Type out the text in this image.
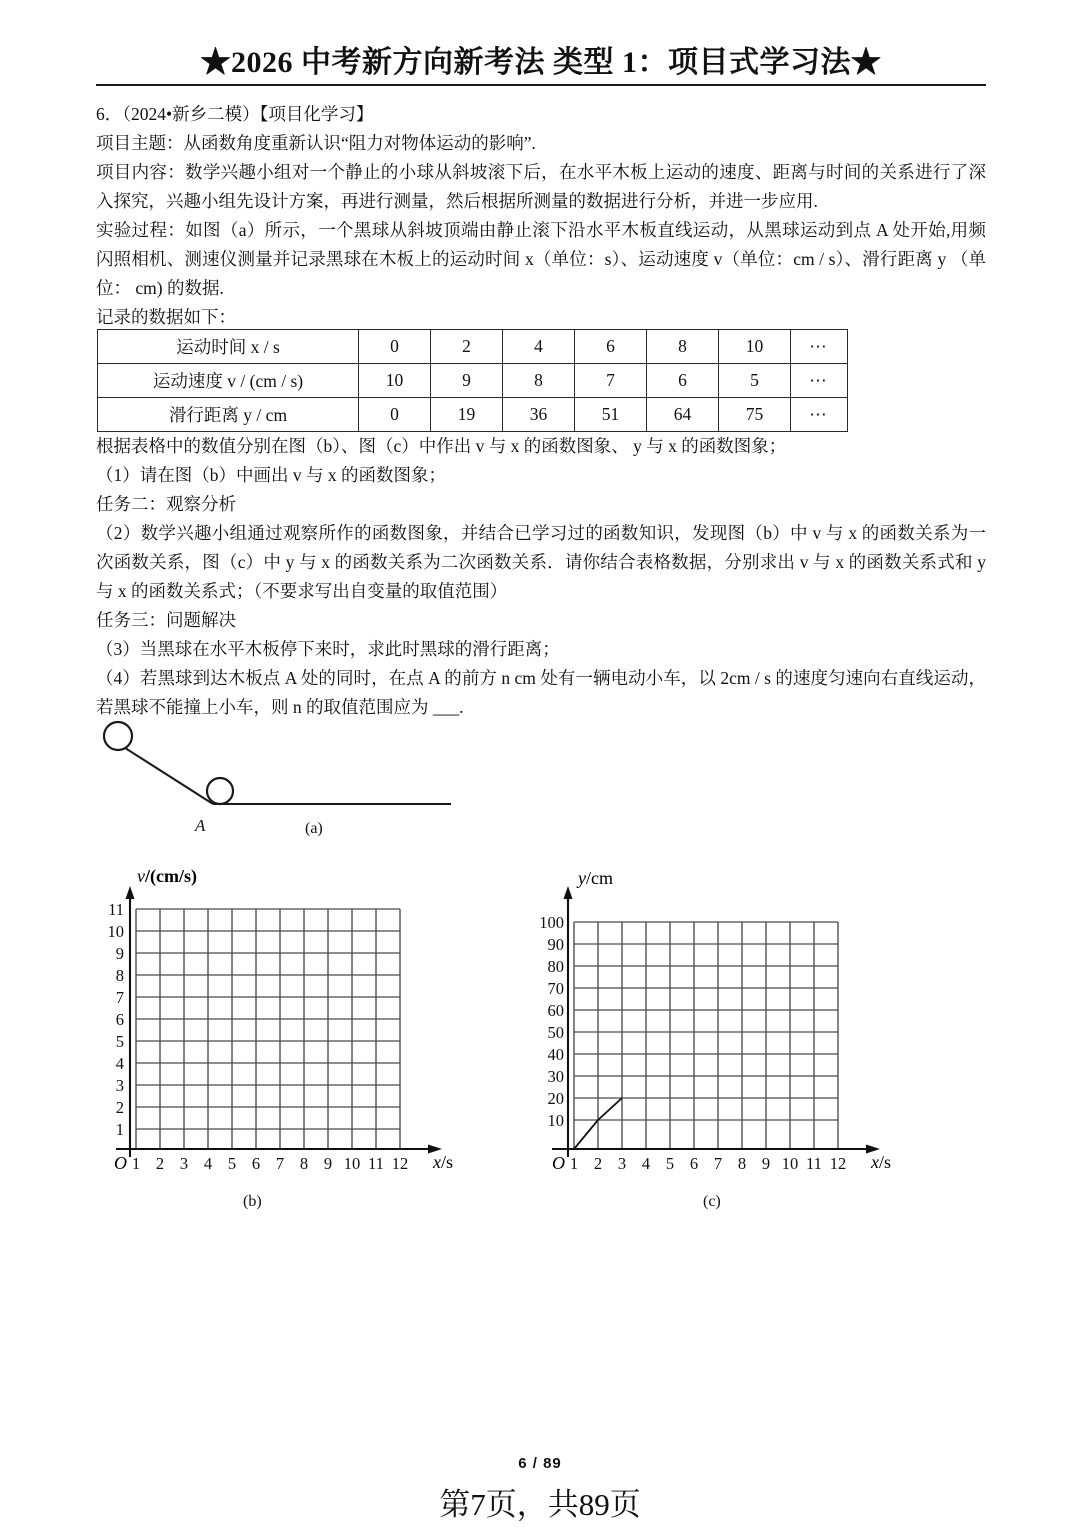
★2026 中考新方向新考法 类型 1：项目式学习法★
6．（2024•新乡二模）【项目化学习】
项目主题：从函数角度重新认识“阻力对物体运动的影响”.
项目内容：数学兴趣小组对一个静止的小球从斜坡滚下后，在水平木板上运动的速度、距离与时间的关系进行了深入探究，兴趣小组先设计方案，再进行测量，然后根据所测量的数据进行分析，并进一步应用.
实验过程：如图（a）所示，一个黑球从斜坡顶端由静止滚下沿水平木板直线运动，从黑球运动到点 A 处开始,用频闪照相机、测速仪测量并记录黑球在木板上的运动时间 x（单位：s）、运动速度 v（单位：cm / s）、滑行距离 y （单位： cm) 的数据.
记录的数据如下：
运动时间 x / s	0	2	4	6	8	10	⋯
运动速度 v / (cm / s)	10	9	8	7	6	5	⋯
滑行距离 y / cm	0	19	36	51	64	75	⋯
根据表格中的数值分别在图（b）、图（c）中作出 v 与 x 的函数图象、 y 与 x 的函数图象；
（1）请在图（b）中画出 v 与 x 的函数图象；
任务二：观察分析
（2）数学兴趣小组通过观察所作的函数图象，并结合已学习过的函数知识，发现图（b）中 v 与 x 的函数关系为一次函数关系，图（c）中 y 与 x 的函数关系为二次函数关系．请你结合表格数据，分别求出 v 与 x 的函数关系式和 y 与 x 的函数关系式；（不要求写出自变量的取值范围）
任务三：问题解决
（3）当黑球在水平木板停下来时，求此时黑球的滑行距离；
（4）若黑球到达木板点 A 处的同时，在点 A 的前方 n cm 处有一辆电动小车，以 2cm / s 的速度匀速向右直线运动，若黑球不能撞上小车，则 n 的取值范围应为 ___.
A	(a)
v/(cm/s)
x/s
O
11
10
9
8
7
6
5
4
3
2
1
1 2 3 4 5 6 7 8 9 10 11 12
(b)
y/cm
x/s
O
100
90
80
70
60
50
40
30
20
10
1 2 3 4 5 6 7 8 9 10 11 12
(c)
6 / 89
第7页，共89页
